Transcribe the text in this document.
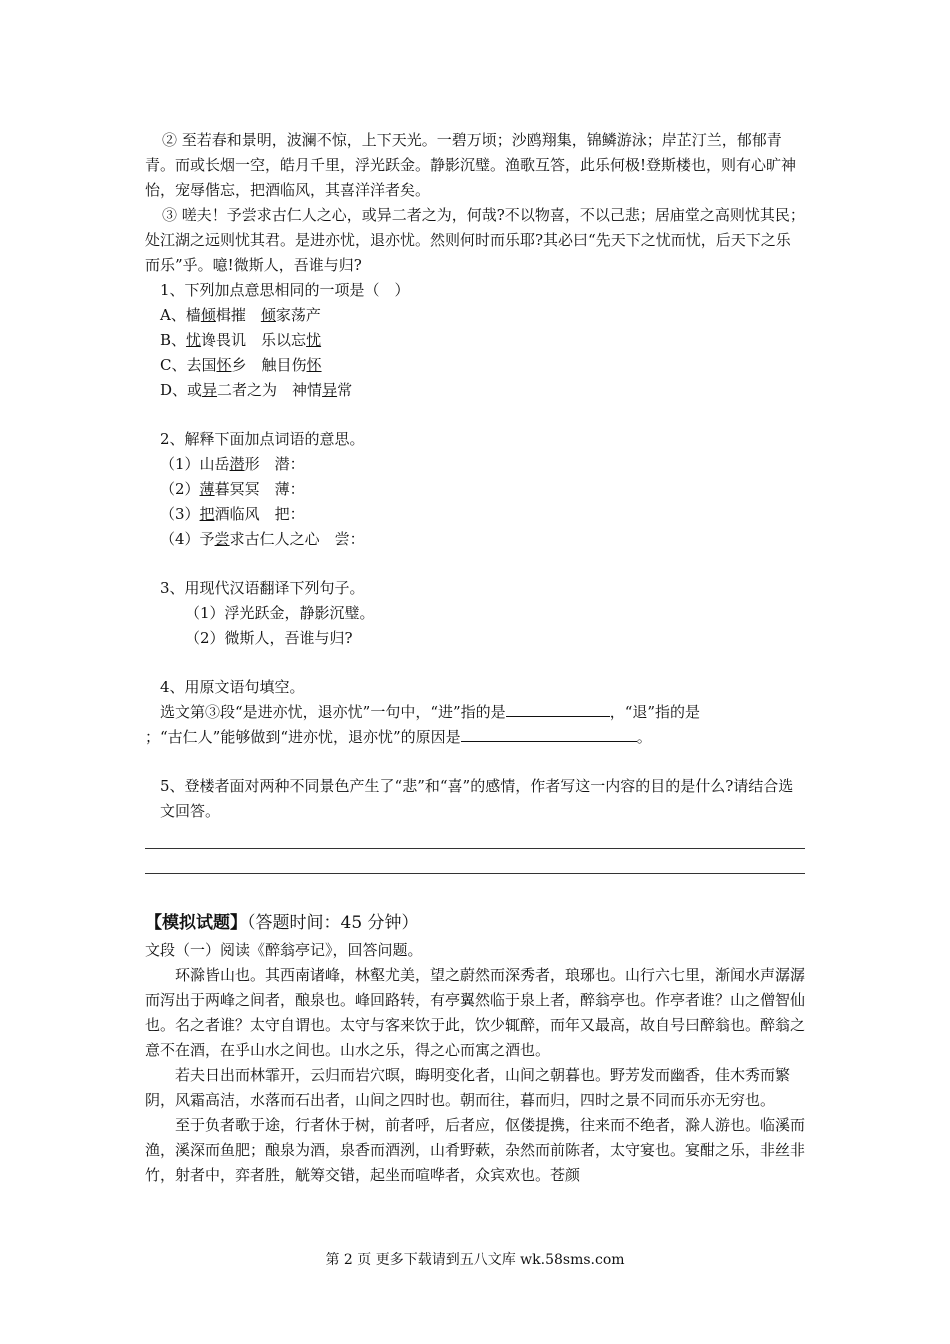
② 至若春和景明，波澜不惊，上下天光。一碧万顷；沙鸥翔集，锦鳞游泳；岸芷汀兰，郁郁青青。而或长烟一空，皓月千里，浮光跃金。静影沉璧。渔歌互答，此乐何极!登斯楼也，则有心旷神怡，宠辱偕忘，把酒临风，其喜洋洋者矣。

③ 嗟夫！予尝求古仁人之心，或异二者之为，何哉?不以物喜，不以己悲；居庙堂之高则忧其民；处江湖之远则忧其君。是进亦忧，退亦忧。然则何时而乐耶?其必曰“先天下之忧而忧，后天下之乐而乐”乎。噫!微斯人，吾谁与归?

1、下列加点意思相同的一项是（　）

A、樯倾楫摧　倾家荡产

B、忧谗畏讥　乐以忘忧

C、去国怀乡　触目伤怀

D、或异二者之为　神情异常

2、解释下面加点词语的意思。

（1）山岳潜形　潜：

（2）薄暮冥冥　薄：

（3）把酒临风　把：

（4）予尝求古仁人之心　尝：

3、用现代汉语翻译下列句子。

（1）浮光跃金，静影沉璧。

（2）微斯人，吾谁与归?

4、用原文语句填空。

选文第③段“是进亦忧，退亦忧”一句中，“进”指的是	，“退”指的是

；“古仁人”能够做到“进亦忧，退亦忧”的原因是	。

5、登楼者面对两种不同景色产生了“悲”和“喜”的感情，作者写这一内容的目的是什么?请结合选文回答。

【模拟试题】（答题时间：45 分钟）

文段（一）阅读《醉翁亭记》，回答问题。

环滁皆山也。其西南诸峰，林壑尤美，望之蔚然而深秀者，琅琊也。山行六七里，渐闻水声潺潺而泻出于两峰之间者，酿泉也。峰回路转，有亭翼然临于泉上者，醉翁亭也。作亭者谁？山之僧智仙也。名之者谁？太守自谓也。太守与客来饮于此，饮少辄醉，而年又最高，故自号曰醉翁也。醉翁之意不在酒，在乎山水之间也。山水之乐，得之心而寓之酒也。

若夫日出而林霏开，云归而岩穴暝，晦明变化者，山间之朝暮也。野芳发而幽香，佳木秀而繁阴，风霜高洁，水落而石出者，山间之四时也。朝而往，暮而归，四时之景不同而乐亦无穷也。

至于负者歌于途，行者休于树，前者呼，后者应，伛偻提携，往来而不绝者，滁人游也。临溪而渔，溪深而鱼肥；酿泉为酒，泉香而酒洌，山肴野蔌，杂然而前陈者，太守宴也。宴酣之乐，非丝非竹，射者中，弈者胜，觥筹交错，起坐而喧哗者，众宾欢也。苍颜

第 2 页 更多下载请到五八文库 wk.58sms.com
